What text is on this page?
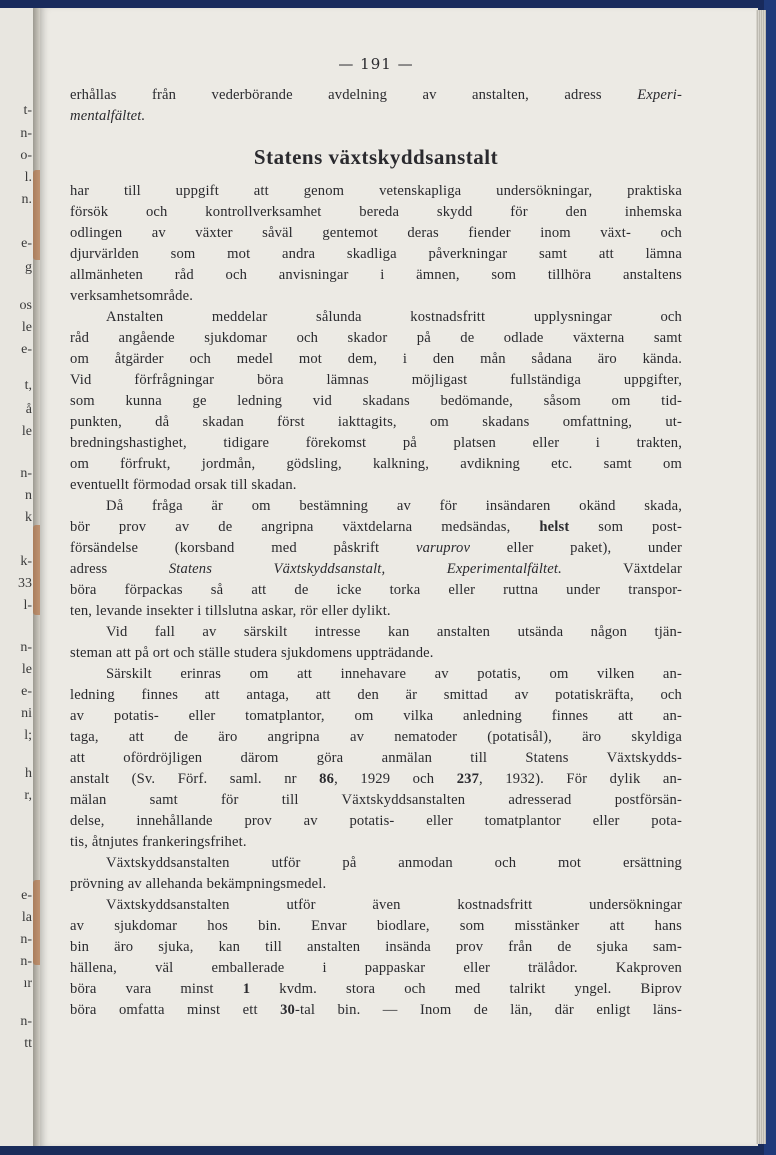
t-
n-
o-
l.
n.
e-
g
os
le
e-
t,
å
le
n-
n
k
k-
33
l-
n-
le
e-
ni
l;
h
r,
e-
la
n-
n-
ır
n-
tt
— 191 —
erhållas från vederbörande avdelning av anstalten, adress Experi-
mentalfältet.
Statens växtskyddsanstalt
har till uppgift att genom vetenskapliga undersökningar, praktiska
försök och kontrollverksamhet bereda skydd för den inhemska
odlingen av växter såväl gentemot deras fiender inom växt- och
djurvärlden som mot andra skadliga påverkningar samt att lämna
allmänheten råd och anvisningar i ämnen, som tillhöra anstaltens
verksamhetsområde.
Anstalten meddelar sålunda kostnadsfritt upplysningar och
råd angående sjukdomar och skador på de odlade växterna samt
om åtgärder och medel mot dem, i den mån sådana äro kända.
Vid förfrågningar böra lämnas möjligast fullständiga uppgifter,
som kunna ge ledning vid skadans bedömande, såsom om tid-
punkten, då skadan först iakttagits, om skadans omfattning, ut-
bredningshastighet, tidigare förekomst på platsen eller i trakten,
om förfrukt, jordmån, gödsling, kalkning, avdikning etc. samt om
eventuellt förmodad orsak till skadan.
Då fråga är om bestämning av för insändaren okänd skada,
bör prov av de angripna växtdelarna medsändas, helst som post-
försändelse (korsband med påskrift varuprov eller paket), under
adress Statens Växtskyddsanstalt, Experimentalfältet. Växtdelar
böra förpackas så att de icke torka eller ruttna under transpor-
ten, levande insekter i tillslutna askar, rör eller dylikt.
Vid fall av särskilt intresse kan anstalten utsända någon tjän-
steman att på ort och ställe studera sjukdomens uppträdande.
Särskilt erinras om att innehavare av potatis, om vilken an-
ledning finnes att antaga, att den är smittad av potatiskräfta, och
av potatis- eller tomatplantor, om vilka anledning finnes att an-
taga, att de äro angripna av nematoder (potatisål), äro skyldiga
att ofördröjligen därom göra anmälan till Statens Växtskydds-
anstalt (Sv. Förf. saml. nr 86, 1929 och 237, 1932). För dylik an-
mälan samt för till Växtskyddsanstalten adresserad postförsän-
delse, innehållande prov av potatis- eller tomatplantor eller pota-
tis, åtnjutes frankeringsfrihet.
Växtskyddsanstalten utför på anmodan och mot ersättning
prövning av allehanda bekämpningsmedel.
Växtskyddsanstalten utför även kostnadsfritt undersökningar
av sjukdomar hos bin. Envar biodlare, som misstänker att hans
bin äro sjuka, kan till anstalten insända prov från de sjuka sam-
hällena, väl emballerade i pappaskar eller trälådor. Kakproven
böra vara minst 1 kvdm. stora och med talrikt yngel. Biprov
böra omfatta minst ett 30-tal bin. — Inom de län, där enligt läns-
